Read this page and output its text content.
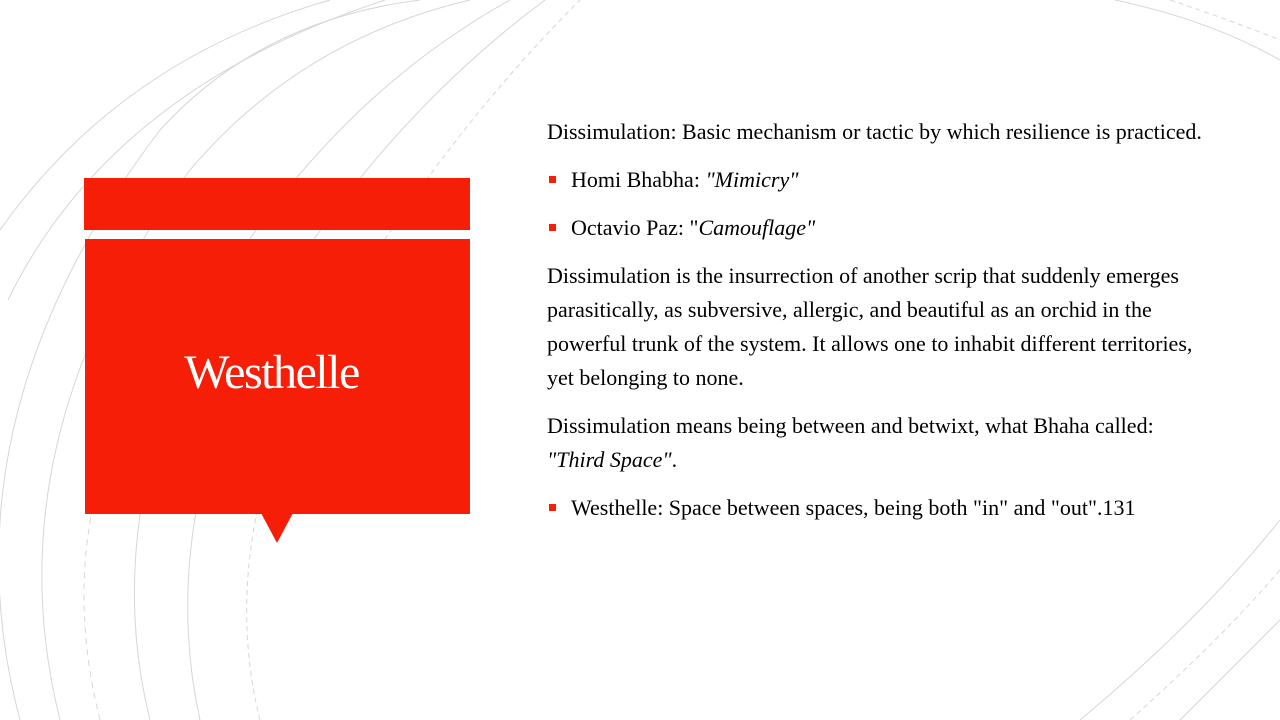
Westhelle

Dissimulation: Basic mechanism or tactic by which resilience is practiced.

Homi Bhabha: "Mimicry"
Octavio Paz: "Camouflage"

Dissimulation is the insurrection of another scrip that suddenly emerges parasitically, as subversive, allergic, and beautiful as an orchid in the powerful trunk of the system. It allows one to inhabit different territories, yet belonging to none.

Dissimulation means being between and betwixt, what Bhaha called: "Third Space".

Westhelle: Space between spaces, being both "in" and "out".131
